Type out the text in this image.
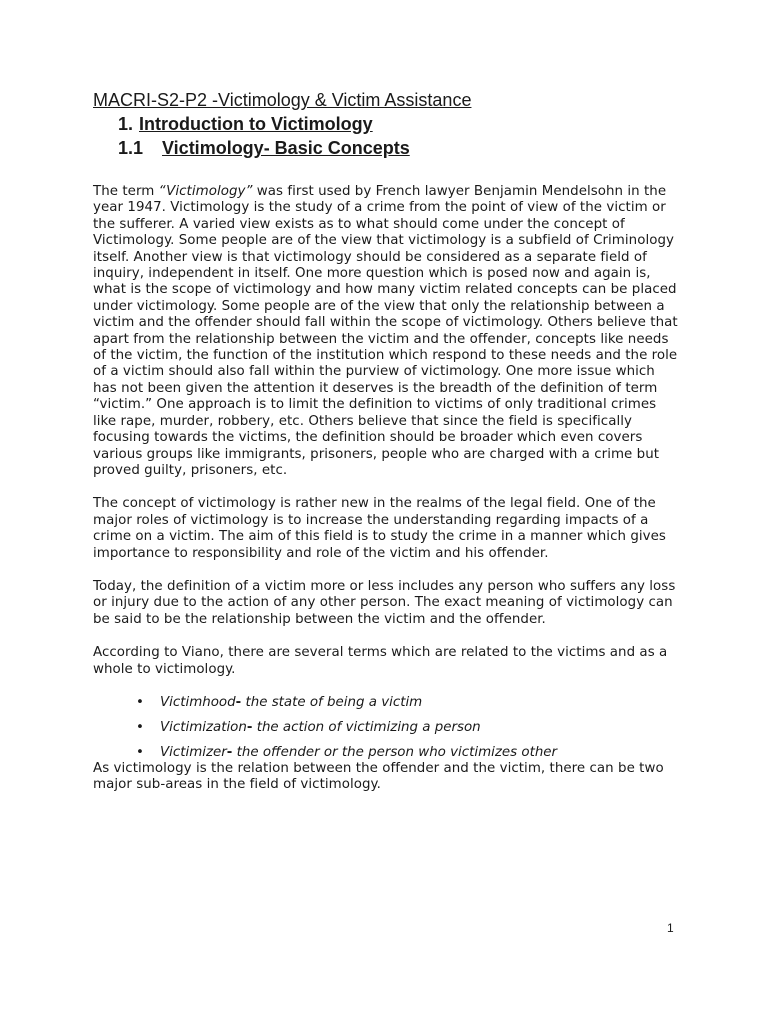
MACRI-S2-P2 -Victimology & Victim Assistance
1. Introduction to Victimology
1.1 Victimology- Basic Concepts

The term “Victimology” was first used by French lawyer Benjamin Mendelsohn in the year 1947. Victimology is the study of a crime from the point of view of the victim or the sufferer. A varied view exists as to what should come under the concept of Victimology. Some people are of the view that victimology is a subfield of Criminology itself. Another view is that victimology should be considered as a separate field of inquiry, independent in itself. One more question which is posed now and again is, what is the scope of victimology and how many victim related concepts can be placed under victimology. Some people are of the view that only the relationship between a victim and the offender should fall within the scope of victimology. Others believe that apart from the relationship between the victim and the offender, concepts like needs of the victim, the function of the institution which respond to these needs and the role of a victim should also fall within the purview of victimology. One more issue which has not been given the attention it deserves is the breadth of the definition of term “victim.” One approach is to limit the definition to victims of only traditional crimes like rape, murder, robbery, etc. Others believe that since the field is specifically focusing towards the victims, the definition should be broader which even covers various groups like immigrants, prisoners, people who are charged with a crime but proved guilty, prisoners, etc.

The concept of victimology is rather new in the realms of the legal field. One of the major roles of victimology is to increase the understanding regarding impacts of a crime on a victim. The aim of this field is to study the crime in a manner which gives importance to responsibility and role of the victim and his offender.

Today, the definition of a victim more or less includes any person who suffers any loss or injury due to the action of any other person. The exact meaning of victimology can be said to be the relationship between the victim and the offender.

According to Viano, there are several terms which are related to the victims and as a whole to victimology.

• Victimhood- the state of being a victim
• Victimization- the action of victimizing a person
• Victimizer- the offender or the person who victimizes other

As victimology is the relation between the offender and the victim, there can be two major sub-areas in the field of victimology.

1
